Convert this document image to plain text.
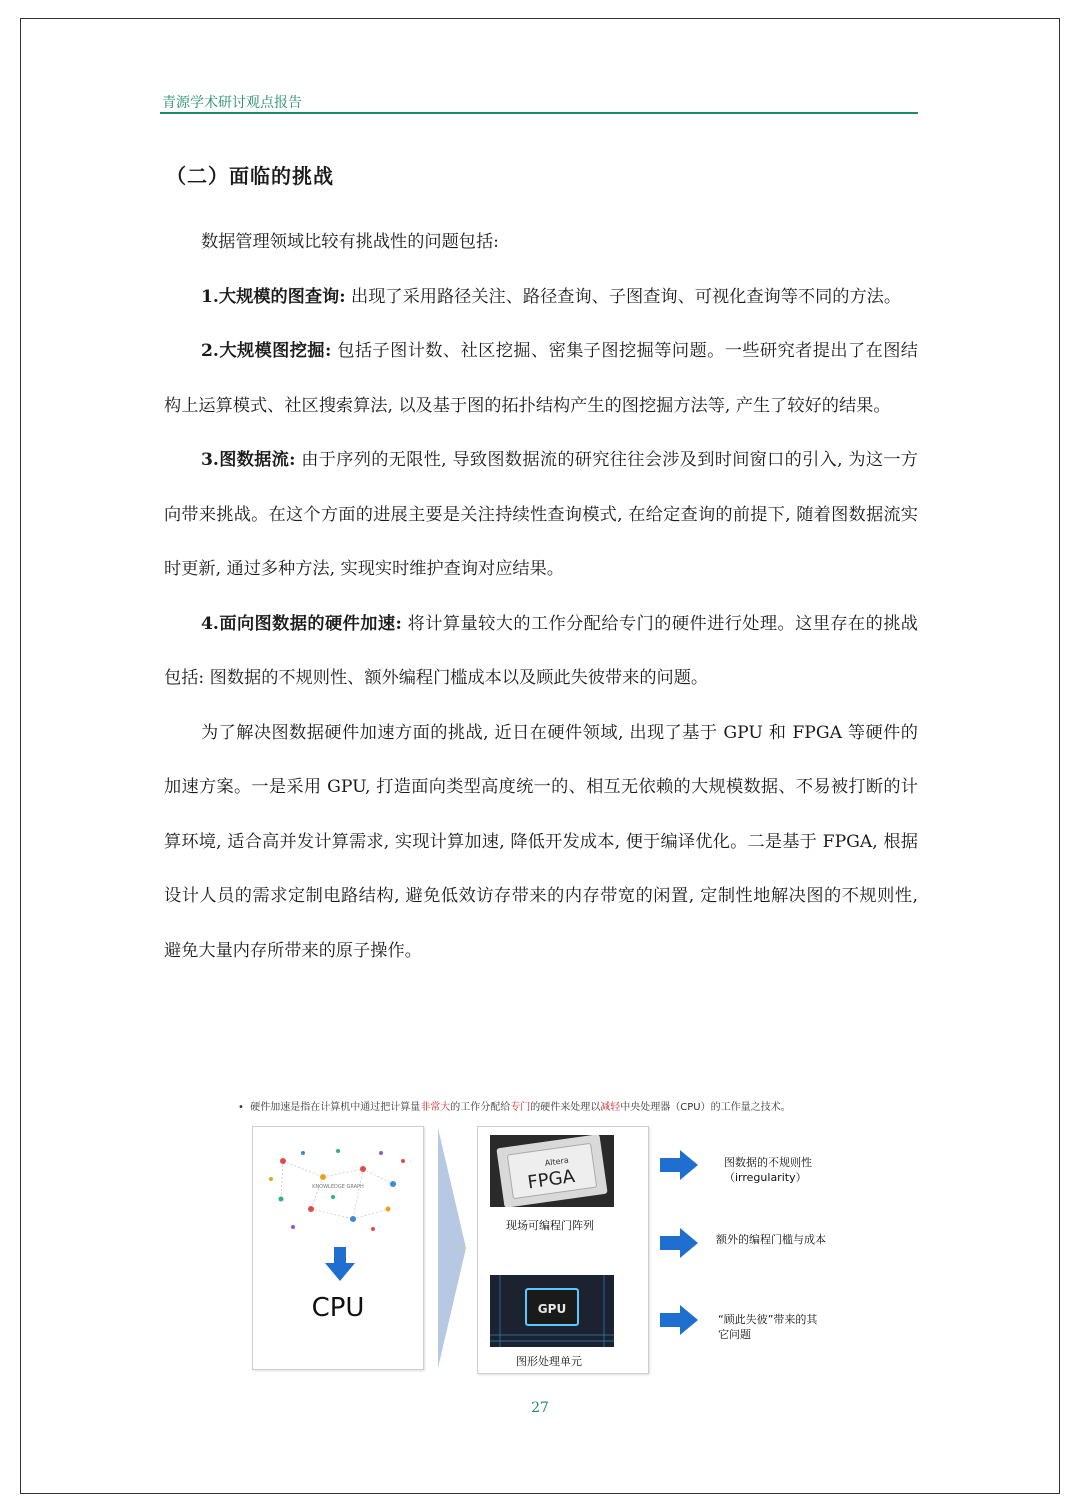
青源学术研讨观点报告
（二）面临的挑战

数据管理领域比较有挑战性的问题包括:

1.大规模的图查询: 出现了采用路径关注、路径查询、子图查询、可视化查询等不同的方法。

2.大规模图挖掘: 包括子图计数、社区挖掘、密集子图挖掘等问题。一些研究者提出了在图结构上运算模式、社区搜索算法, 以及基于图的拓扑结构产生的图挖掘方法等, 产生了较好的结果。

3.图数据流: 由于序列的无限性, 导致图数据流的研究往往会涉及到时间窗口的引入, 为这一方向带来挑战。在这个方面的进展主要是关注持续性查询模式, 在给定查询的前提下, 随着图数据流实时更新, 通过多种方法, 实现实时维护查询对应结果。

4.面向图数据的硬件加速: 将计算量较大的工作分配给专门的硬件进行处理。这里存在的挑战包括: 图数据的不规则性、额外编程门槛成本以及顾此失彼带来的问题。

为了解决图数据硬件加速方面的挑战, 近日在硬件领域, 出现了基于 GPU 和 FPGA 等硬件的加速方案。一是采用 GPU, 打造面向类型高度统一的、相互无依赖的大规模数据、不易被打断的计算环境, 适合高并发计算需求, 实现计算加速, 降低开发成本, 便于编译优化。二是基于 FPGA, 根据设计人员的需求定制电路结构, 避免低效访存带来的内存带宽的闲置, 定制性地解决图的不规则性, 避免大量内存所带来的原子操作。

• 硬件加速是指在计算机中通过把计算量非常大的工作分配给专门的硬件来处理以减轻中央处理器（CPU）的工作量之技术。
KNOWLEDGE GRAPH
CPU
Altera
FPGA
现场可编程门阵列
GPU
图形处理单元
图数据的不规则性
（irregularity）
额外的编程门槛与成本
“顾此失彼”带来的其
它问题
27
